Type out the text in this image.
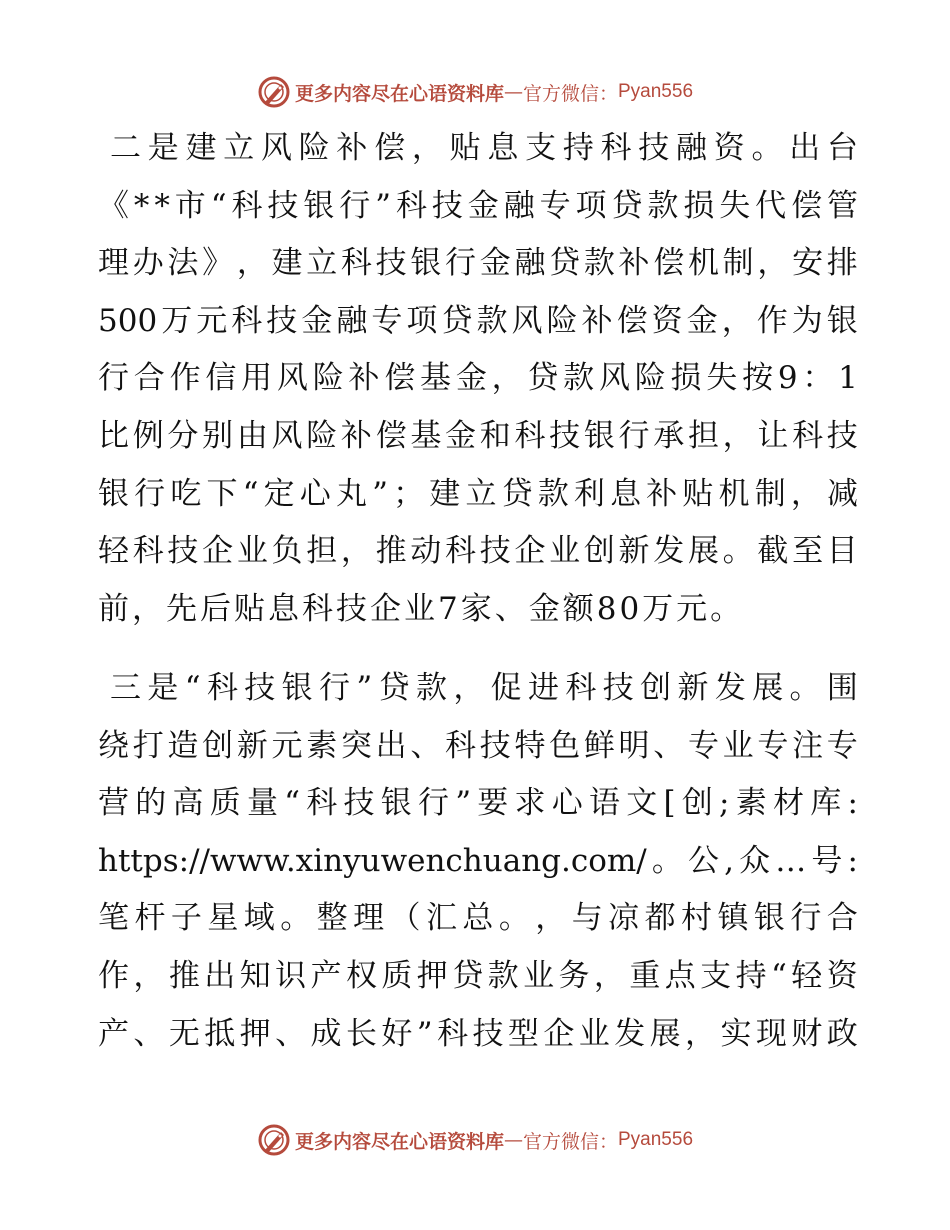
更多内容尽在心语资料库 — 官方微信： Pyan556
二 是 建 立 风 险 补 偿 ， 贴 息 支 持 科 技 融 资 。 出 台
《 * * 市 “ 科 技 银 行 ” 科 技 金 融 专 项 贷 款 损 失 代 偿 管
理 办 法 》 ， 建 立 科 技 银 行 金 融 贷 款 补 偿 机 制 ， 安 排
500 万 元 科 技 金 融 专 项 贷 款 风 险 补 偿 资 金 ， 作 为 银
行 合 作 信 用 风 险 补 偿 基 金 ， 贷 款 风 险 损 失 按 9 ： 1
比 例 分 别 由 风 险 补 偿 基 金 和 科 技 银 行 承 担 ， 让 科 技
银 行 吃 下 “ 定 心 丸 ” ； 建 立 贷 款 利 息 补 贴 机 制 ， 减
轻 科 技 企 业 负 担 ， 推 动 科 技 企 业 创 新 发 展 。 截 至 目
前，先后贴息科技企业7家、金额80万元。
三 是 “ 科 技 银 行 ” 贷 款 ， 促 进 科 技 创 新 发 展 。 围
绕 打 造 创 新 元 素 突 出 、 科 技 特 色 鲜 明 、 专 业 专 注 专
营 的 高 质 量 “ 科 技 银 行 ” 要 求 心 语 文 [ 创 ; 素 材 库 :
https://www.xinyuwenchuang.com/ 。 公 , 众 … 号 :
笔 杆 子 星 域 。 整 理 （ 汇 总 。 ， 与 凉 都 村 镇 银 行 合
作 ， 推 出 知 识 产 权 质 押 贷 款 业 务 ， 重 点 支 持 “ 轻 资
产 、 无 抵 押 、 成 长 好 ” 科 技 型 企 业 发 展 ， 实 现 财 政
更多内容尽在心语资料库 — 官方微信： Pyan556
